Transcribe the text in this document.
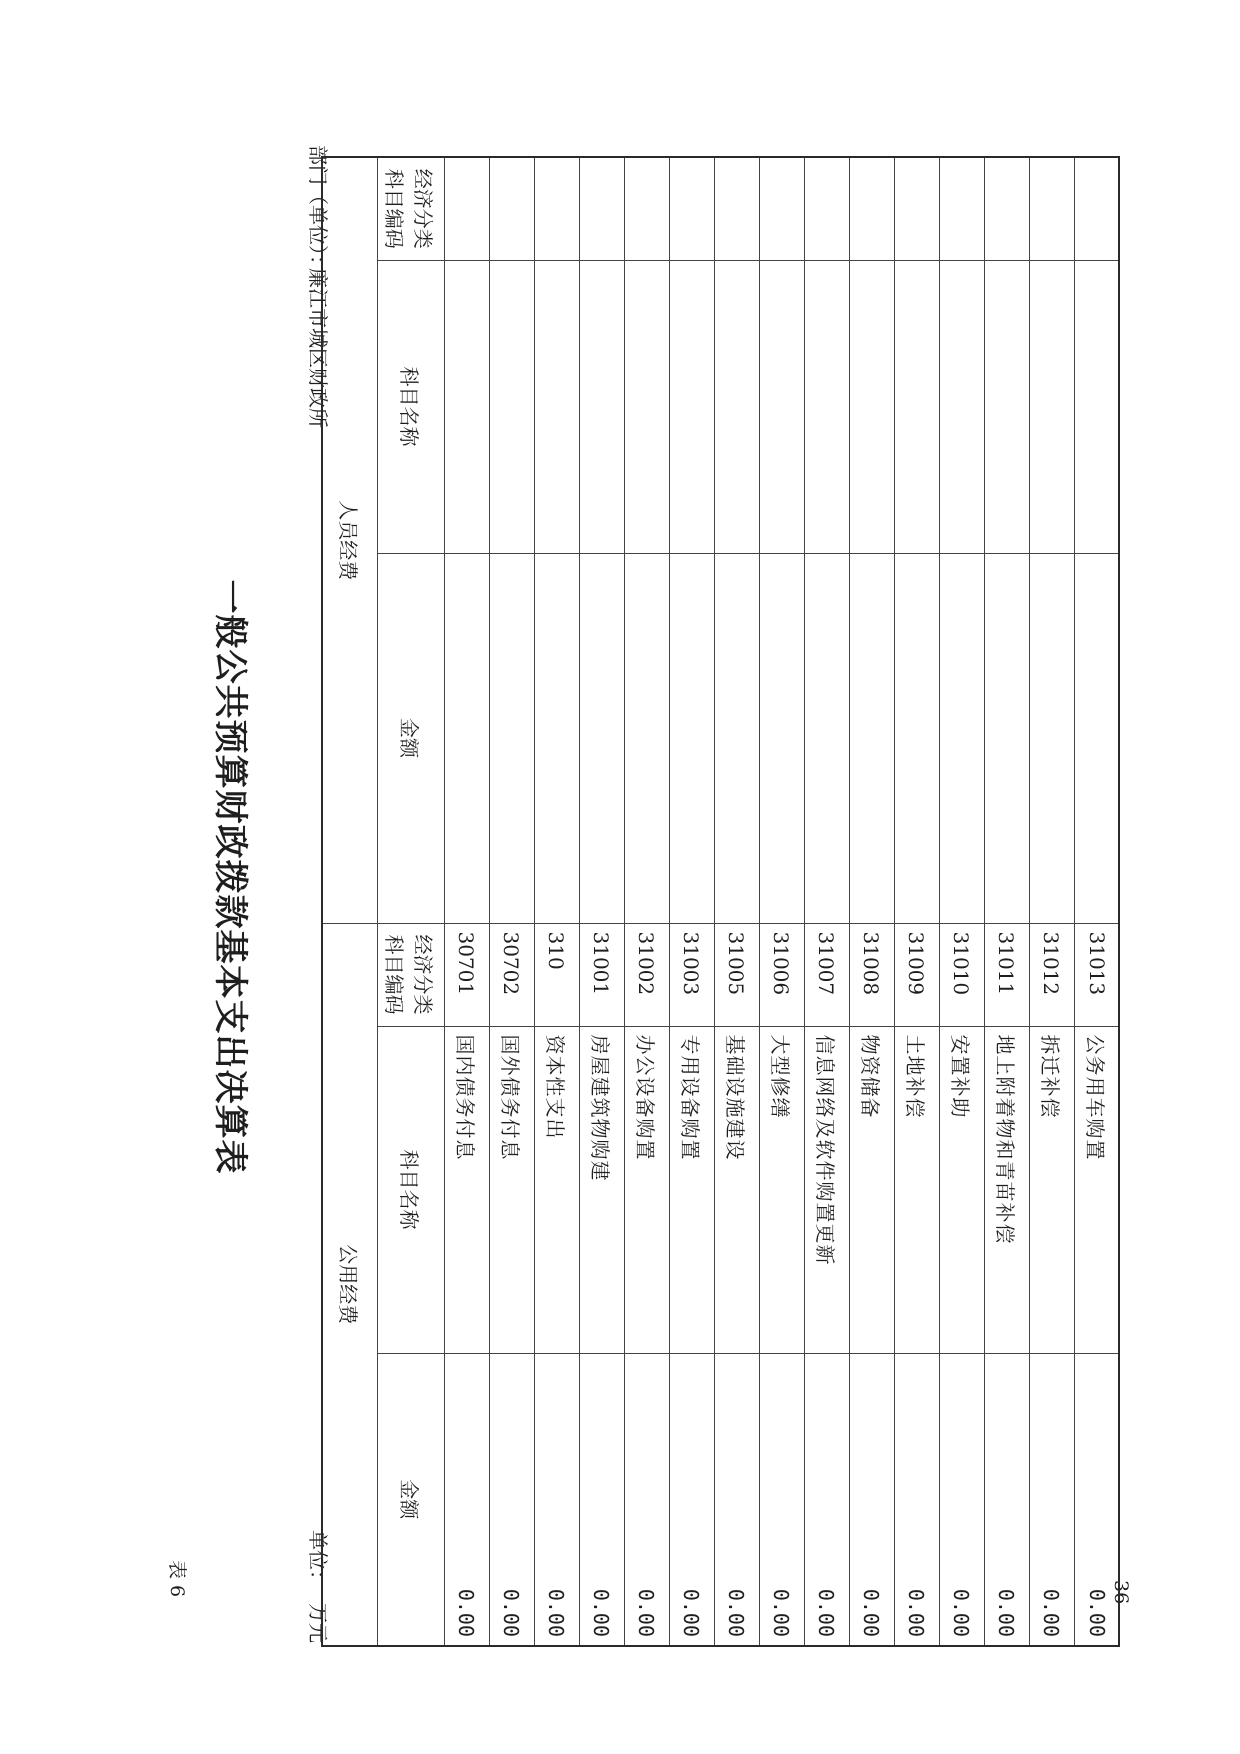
表 6
一般公共预算财政拨款基本支出决算表
部门（单位）：
廉江市城区财政所
单位：
万元
36
人员经费			公用经费		
经济分类科目编码	科目名称	金额	经济分类科目编码	科目名称	金额
			30701	国内债务付息	0.00
			30702	国外债务付息	0.00
			310	资本性支出	0.00
			31001	房屋建筑物购建	0.00
			31002	办公设备购置	0.00
			31003	专用设备购置	0.00
			31005	基础设施建设	0.00
			31006	大型修缮	0.00
			31007	信息网络及软件购置更新	0.00
			31008	物资储备	0.00
			31009	土地补偿	0.00
			31010	安置补助	0.00
			31011	地上附着物和青苗补偿	0.00
			31012	拆迁补偿	0.00
			31013	公务用车购置	0.00
